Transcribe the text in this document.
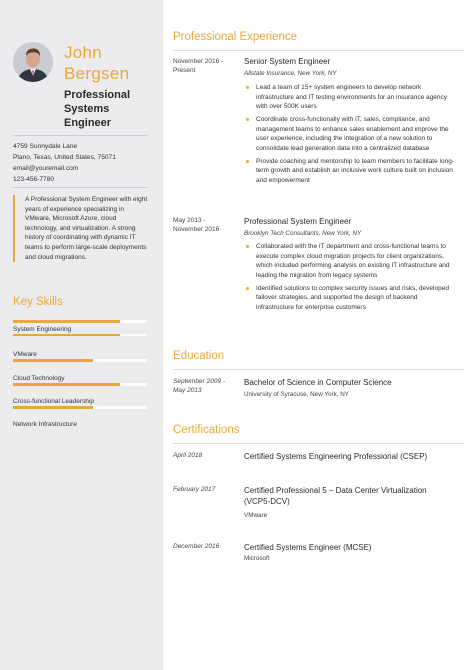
John
Bergsen
Professional
Systems
Engineer
4759 Sunnydale Lane
Plano, Texas, United States, 75071
email@youremail.com
123-456-7780
A Professional System Engineer with eight years of experience specializing in VMware, Microsoft Azure, cloud technology, and virtualization. A strong history of coordinating with dynamic IT teams to perform large-scale deployments and cloud migrations.
Key Skills
System Engineering
VMware
Cloud Technology
Cross-functional Leadership
Network Infrastructure
Professional Experience
November 2016 -
Present
Senior System Engineer
Allstate Insurance, New York, NY
Lead a team of 15+ system engineers to develop network infrastructure and IT testing environments for an insurance agency with over 500K users
Coordinate cross-functionally with IT, sales, compliance, and management teams to enhance sales enablement and improve the user experience, including the integration of a new solution to consolidate lead generation data into a centralized database
Provide coaching and mentorship to team members to facilitate long-term growth and establish an inclusive work culture built on inclusion and empowerment
May 2013 -
November 2016
Professional System Engineer
Brooklyn Tech Consultants, New York, NY
Collaborated with the IT department and cross-functional teams to execute complex cloud migration projects for client organizations, which included performing analysis on existing IT infrastructure and leading the migration from legacy systems
Identified solutions to complex security issues and risks, developed failover strategies, and supported the design of backend infrastructure for enterprise customers
Education
September 2009 -
May 2013
Bachelor of Science in Computer Science
University of Syracuse, New York, NY
Certifications
April 2018	Certified Systems Engineering Professional (CSEP)
February 2017	Certified Professional 5 – Data Center Virtualization
(VCP5-DCV)
VMware
December 2016	Certified Systems Engineer (MCSE)
Microsoft
